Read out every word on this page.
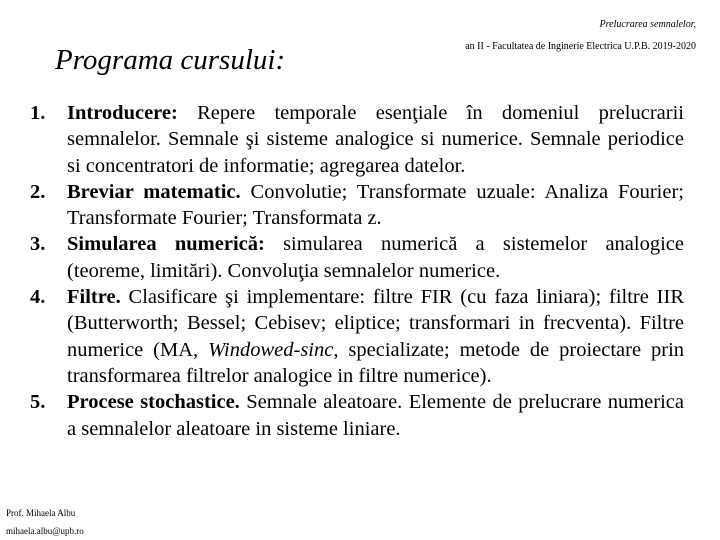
Prelucrarea semnalelor,
an II - Facultatea de Inginerie Electrica U.P.B. 2019-2020
Programa cursului:
1. Introducere: Repere temporale esenţiale în domeniul prelucrarii semnalelor. Semnale şi sisteme analogice si numerice. Semnale periodice si concentratori de informatie; agregarea datelor.
2. Breviar matematic. Convolutie; Transformate uzuale: Analiza Fourier; Transformate Fourier; Transformata z.
3. Simularea numerică: simularea numerică a sistemelor analogice (teoreme, limitări). Convoluţia semnalelor numerice.
4. Filtre. Clasificare şi implementare: filtre FIR (cu faza liniara); filtre IIR (Butterworth; Bessel; Cebisev; eliptice; transformari in frecventa). Filtre numerice (MA, Windowed-sinc, specializate; metode de proiectare prin transformarea filtrelor analogice in filtre numerice).
5. Procese stochastice. Semnale aleatoare. Elemente de prelucrare numerica a semnalelor aleatoare in sisteme liniare.
Prof. Mihaela Albu
mihaela.albu@upb.ro
